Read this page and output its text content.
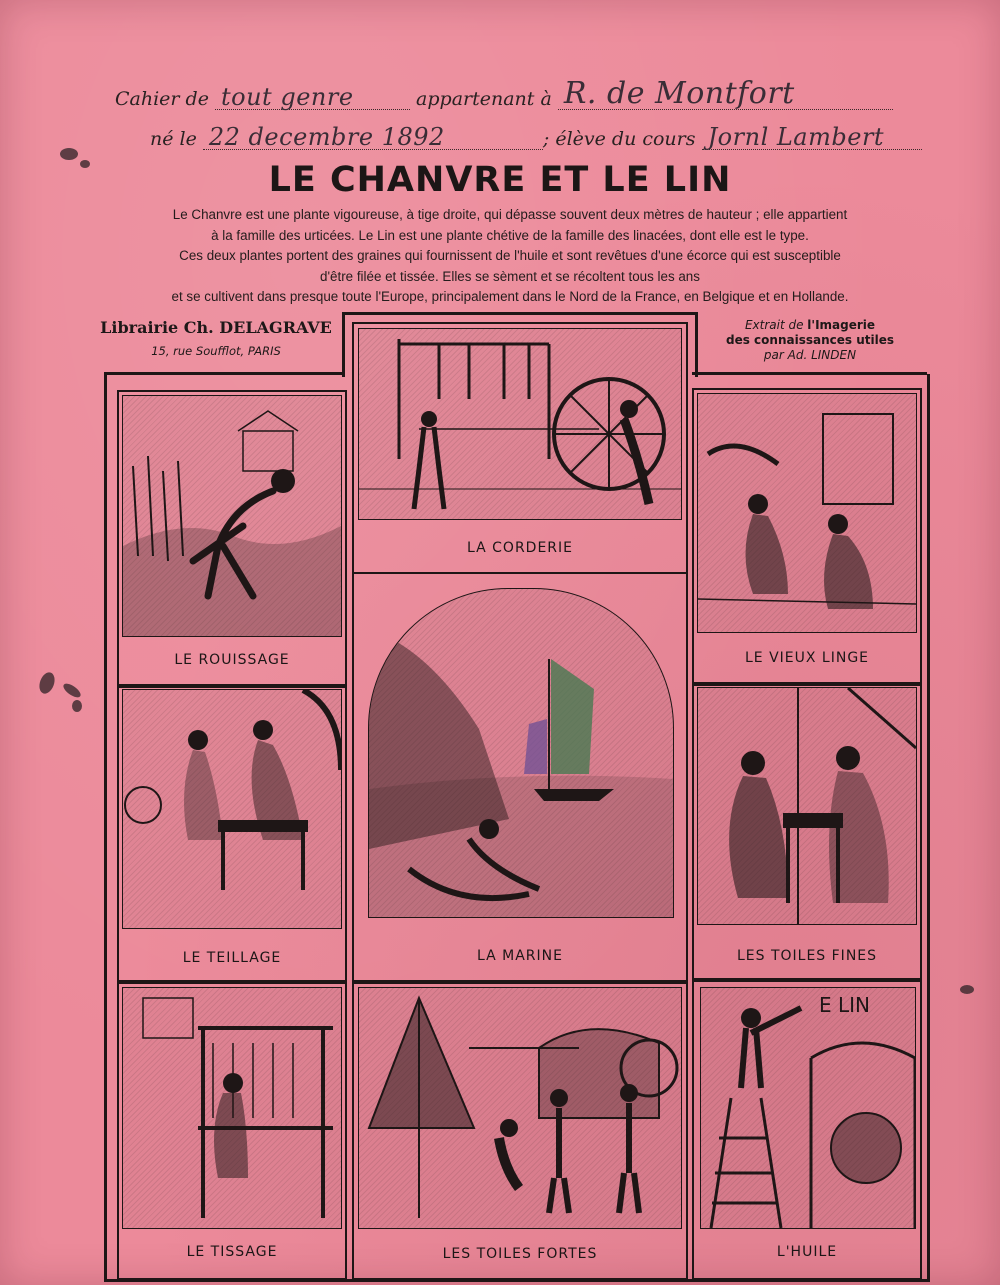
Cahier de tout genre	appartenant à R. de Montfort
né le 22 decembre 1892	; élève du cours Jornl Lambert
LE CHANVRE ET LE LIN

Le Chanvre est une plante vigoureuse, à tige droite, qui dépasse souvent deux mètres de hauteur ; elle appartient

à la famille des urticées. Le Lin est une plante chétive de la famille des linacées, dont elle est le type.

Ces deux plantes portent des graines qui fournissent de l'huile et sont revêtues d'une écorce qui est susceptible

d'être filée et tissée. Elles se sèment et se récoltent tous les ans

et se cultivent dans presque toute l'Europe, principalement dans le Nord de la France, en Belgique et en Hollande.

Librairie Ch. DELAGRAVE
15, rue Soufflot, PARIS
Extrait de l'Imagerie
des connaissances utiles
par Ad. LINDEN
LE ROUISSAGE
LE TEILLAGE
LE TISSAGE
LA CORDERIE
LA MARINE
LES TOILES FORTES
LE VIEUX LINGE
LES TOILES FINES
E LIN
L'HUILE
